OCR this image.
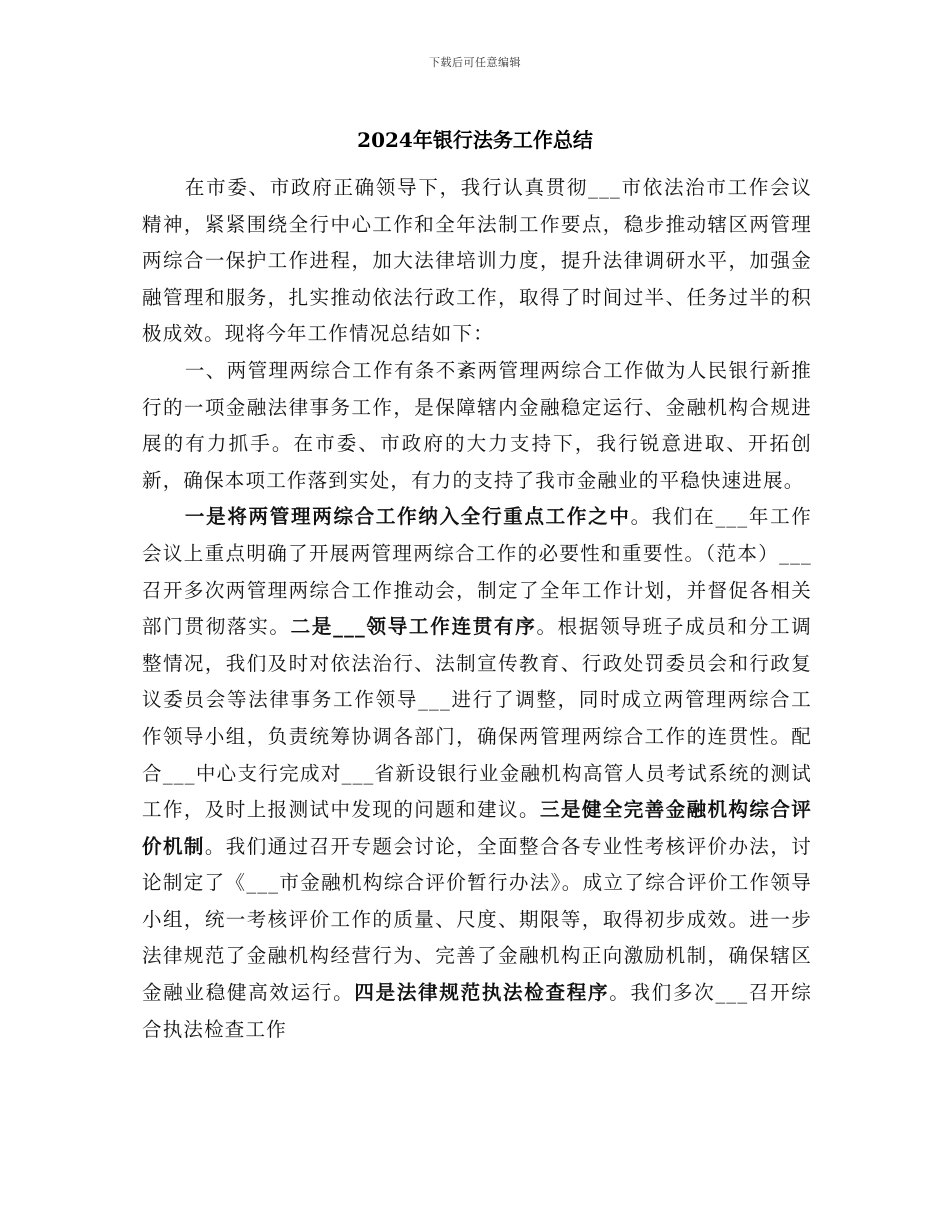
下载后可任意编辑
2024年银行法务工作总结

在市委、市政府正确领导下，我行认真贯彻___市依法治市工作会议精神，紧紧围绕全行中心工作和全年法制工作要点，稳步推动辖区两管理两综合一保护工作进程，加大法律培训力度，提升法律调研水平，加强金融管理和服务，扎实推动依法行政工作，取得了时间过半、任务过半的积极成效。现将今年工作情况总结如下：

一、两管理两综合工作有条不紊两管理两综合工作做为人民银行新推行的一项金融法律事务工作，是保障辖内金融稳定运行、金融机构合规进展的有力抓手。在市委、市政府的大力支持下，我行锐意进取、开拓创新，确保本项工作落到实处，有力的支持了我市金融业的平稳快速进展。

一是将两管理两综合工作纳入全行重点工作之中。我们在___年工作会议上重点明确了开展两管理两综合工作的必要性和重要性。（范本）___召开多次两管理两综合工作推动会，制定了全年工作计划，并督促各相关部门贯彻落实。二是___领导工作连贯有序。根据领导班子成员和分工调整情况，我们及时对依法治行、法制宣传教育、行政处罚委员会和行政复议委员会等法律事务工作领导___进行了调整，同时成立两管理两综合工作领导小组，负责统筹协调各部门，确保两管理两综合工作的连贯性。配合___中心支行完成对___省新设银行业金融机构高管人员考试系统的测试工作，及时上报测试中发现的问题和建议。三是健全完善金融机构综合评价机制。我们通过召开专题会讨论，全面整合各专业性考核评价办法，讨论制定了《___市金融机构综合评价暂行办法》。成立了综合评价工作领导小组，统一考核评价工作的质量、尺度、期限等，取得初步成效。进一步法律规范了金融机构经营行为、完善了金融机构正向激励机制，确保辖区金融业稳健高效运行。四是法律规范执法检查程序。我们多次___召开综合执法检查工作
